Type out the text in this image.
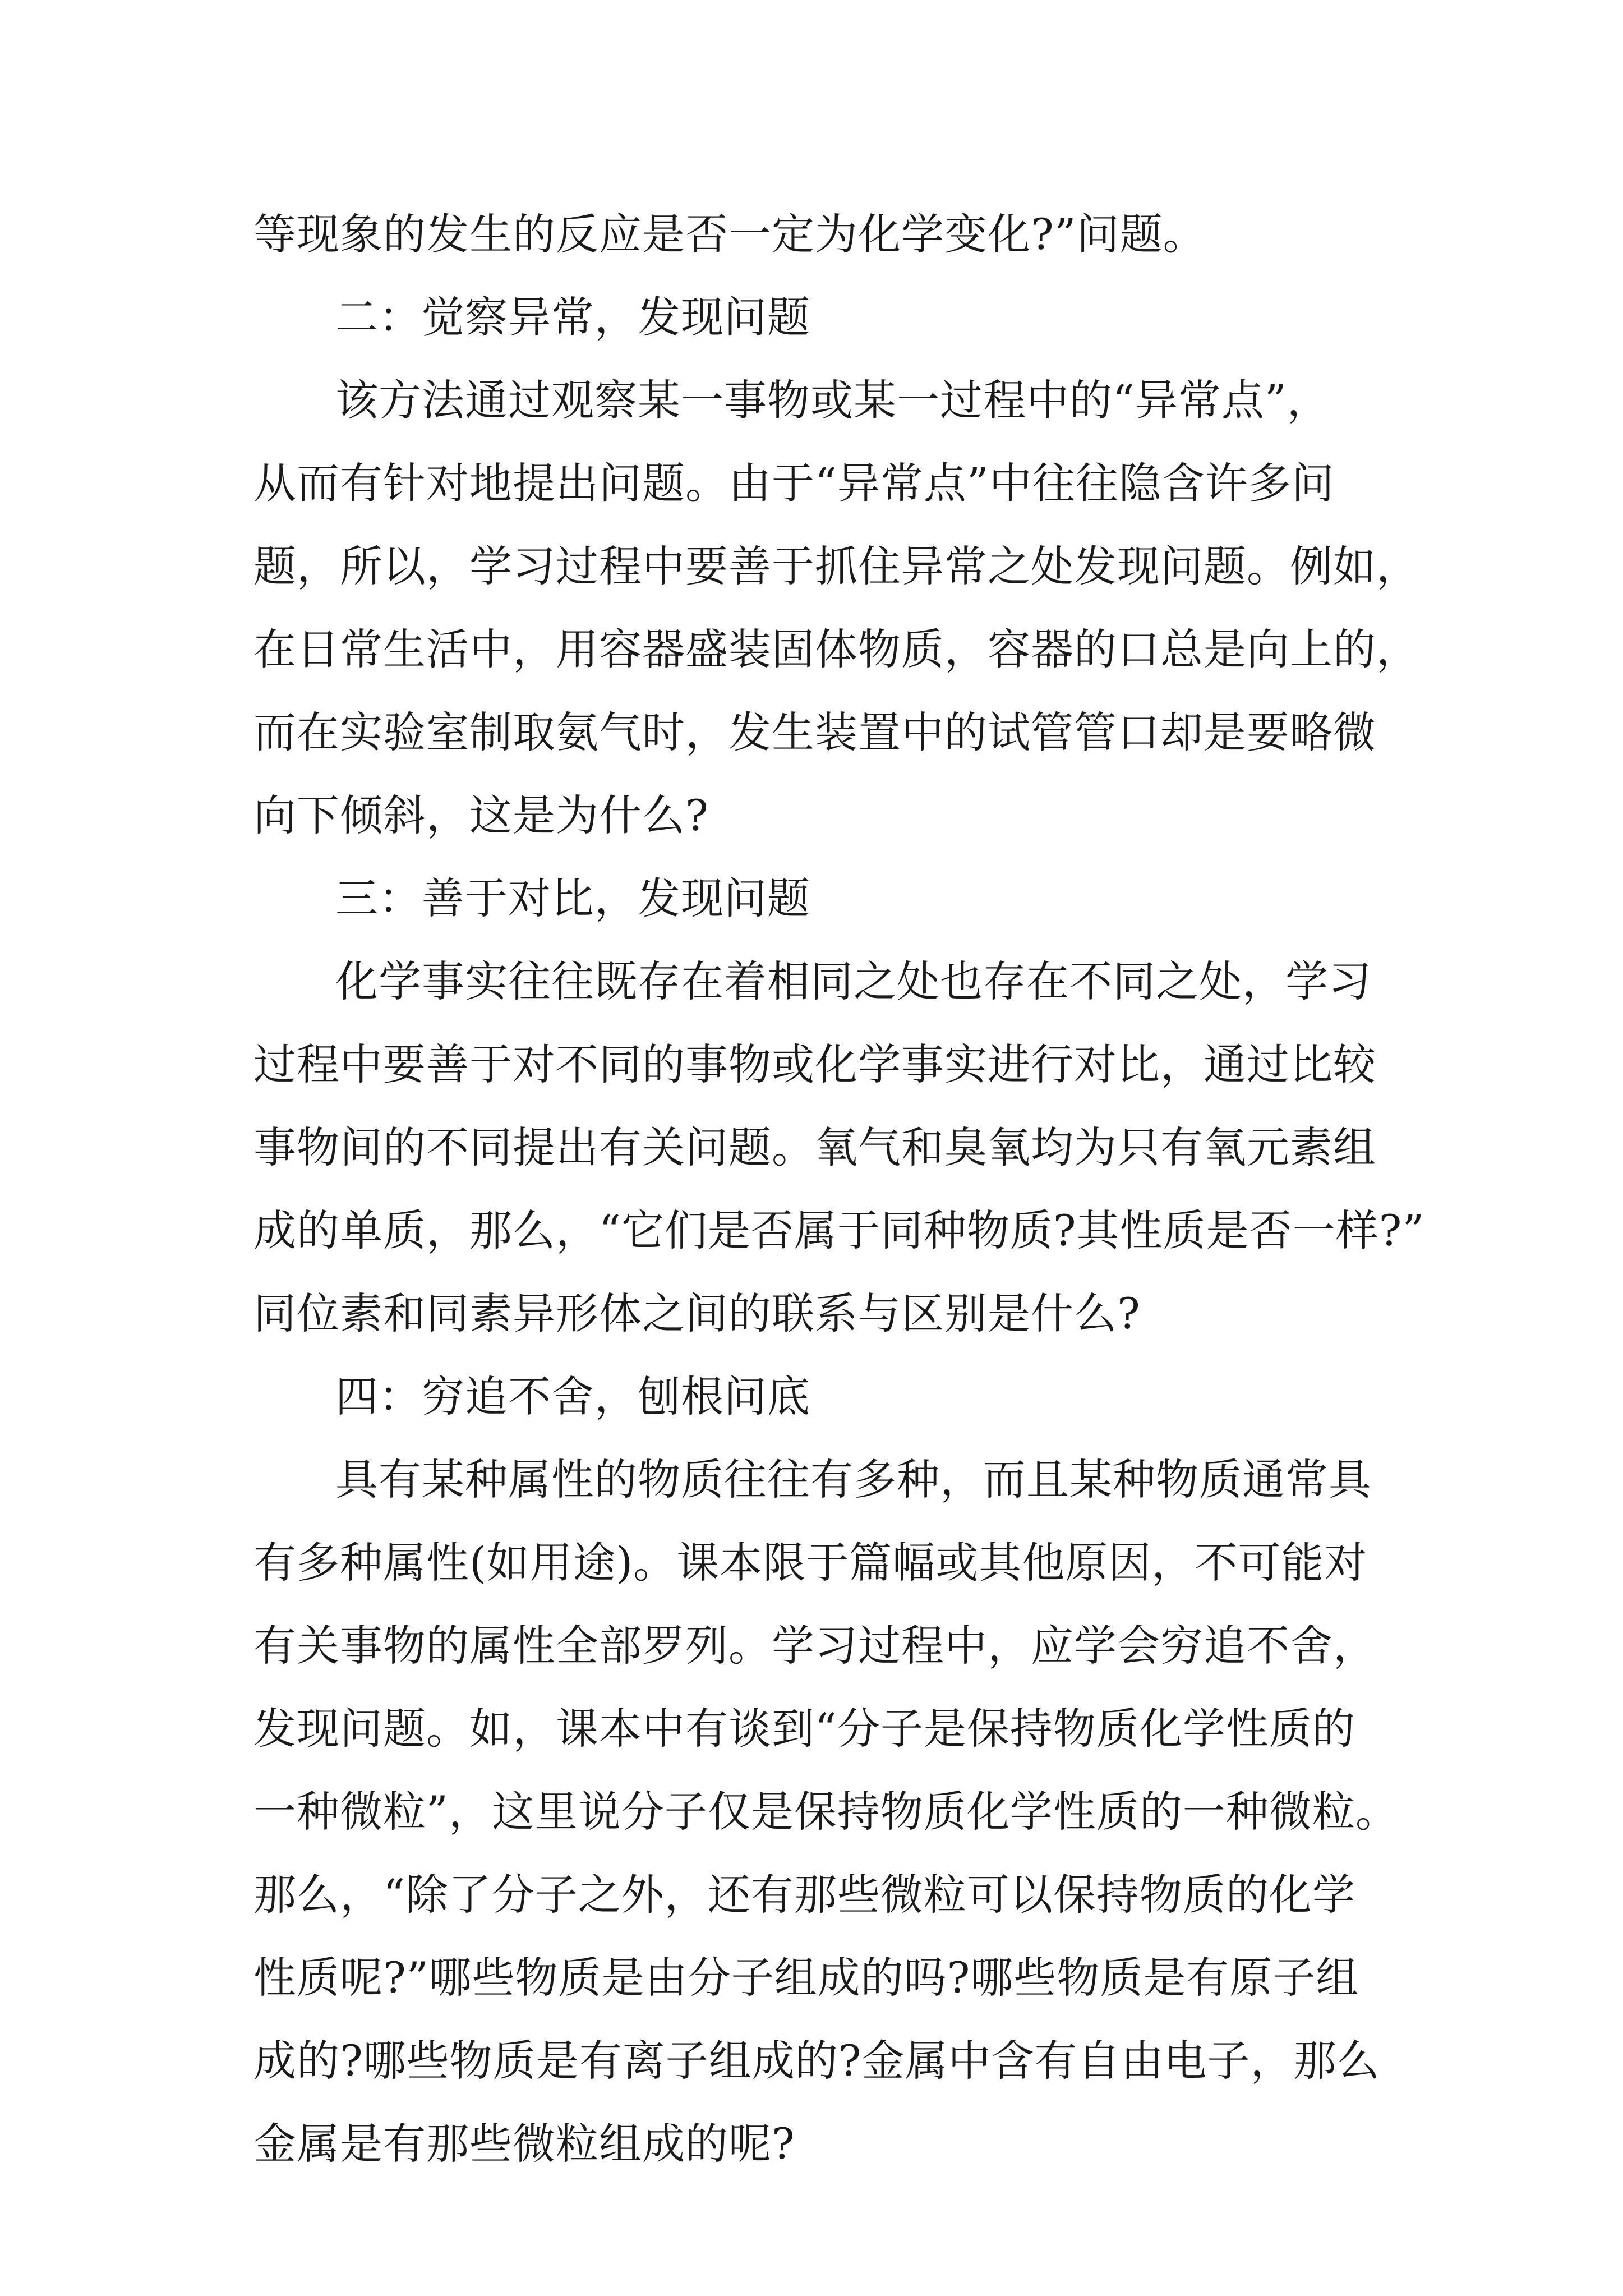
等现象的发生的反应是否一定为化学变化?”问题。

二：觉察异常，发现问题

该方法通过观察某一事物或某一过程中的“异常点”，

从而有针对地提出问题。由于“异常点”中往往隐含许多问

题，所以，学习过程中要善于抓住异常之处发现问题。例如，

在日常生活中，用容器盛装固体物质，容器的口总是向上的，

而在实验室制取氨气时，发生装置中的试管管口却是要略微

向下倾斜，这是为什么?

三：善于对比，发现问题

化学事实往往既存在着相同之处也存在不同之处，学习

过程中要善于对不同的事物或化学事实进行对比，通过比较

事物间的不同提出有关问题。氧气和臭氧均为只有氧元素组

成的单质，那么，“它们是否属于同种物质?其性质是否一样?”

同位素和同素异形体之间的联系与区别是什么?

四：穷追不舍，刨根问底

具有某种属性的物质往往有多种，而且某种物质通常具

有多种属性(如用途)。课本限于篇幅或其他原因，不可能对

有关事物的属性全部罗列。学习过程中，应学会穷追不舍，

发现问题。如，课本中有谈到“分子是保持物质化学性质的

一种微粒”，这里说分子仅是保持物质化学性质的一种微粒。

那么，“除了分子之外，还有那些微粒可以保持物质的化学

性质呢?”哪些物质是由分子组成的吗?哪些物质是有原子组

成的?哪些物质是有离子组成的?金属中含有自由电子，那么

金属是有那些微粒组成的呢?
